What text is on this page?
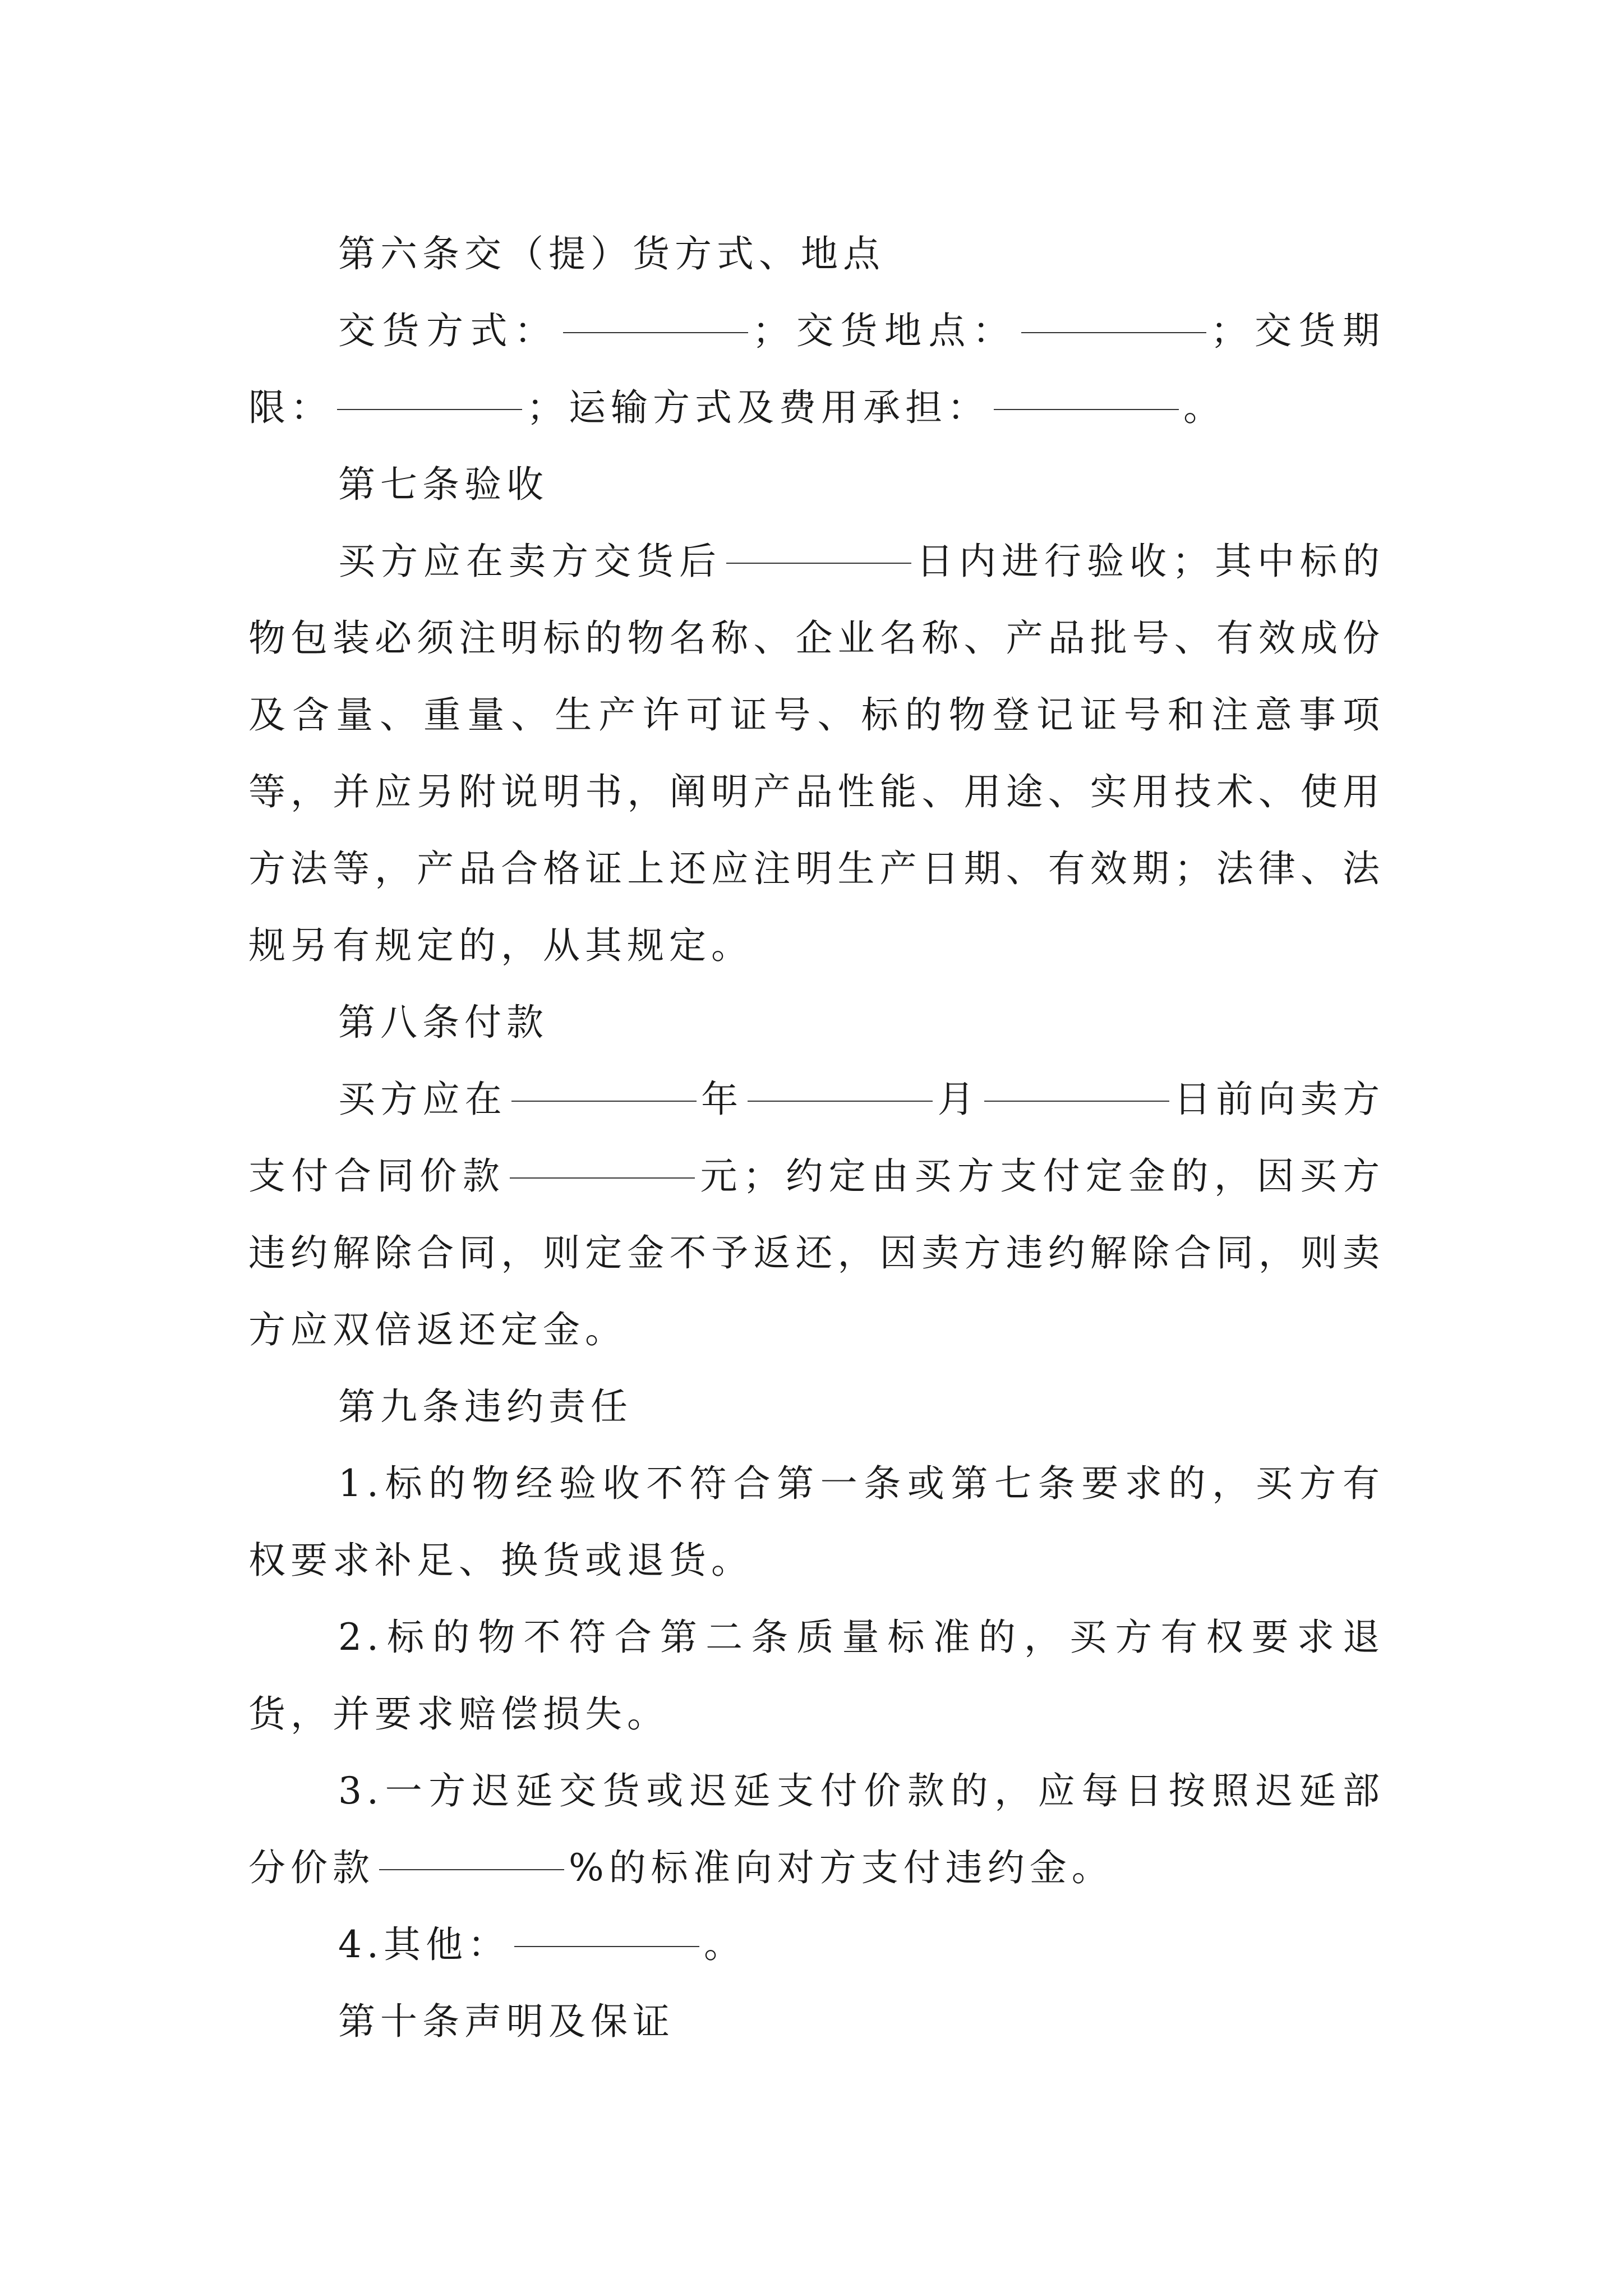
第六条交（提）货方式、地点

交货方式：	；交货地点：	；交货期限：	；运输方式及费用承担：	。

第七条验收

买方应在卖方交货后	日内进行验收；其中标的物包装必须注明标的物名称、企业名称、产品批号、有效成份及含量、重量、生产许可证号、标的物登记证号和注意事项等，并应另附说明书，阐明产品性能、用途、实用技术、使用方法等，产品合格证上还应注明生产日期、有效期；法律、法规另有规定的，从其规定。

第八条付款

买方应在	年	月	日前向卖方支付合同价款	元；约定由买方支付定金的，因买方违约解除合同，则定金不予返还，因卖方违约解除合同，则卖方应双倍返还定金。

第九条违约责任

1.标的物经验收不符合第一条或第七条要求的，买方有权要求补足、换货或退货。

2.标的物不符合第二条质量标准的，买方有权要求退货，并要求赔偿损失。

3.一方迟延交货或迟延支付价款的，应每日按照迟延部分价款	%的标准向对方支付违约金。

4.其他：	。

第十条声明及保证
